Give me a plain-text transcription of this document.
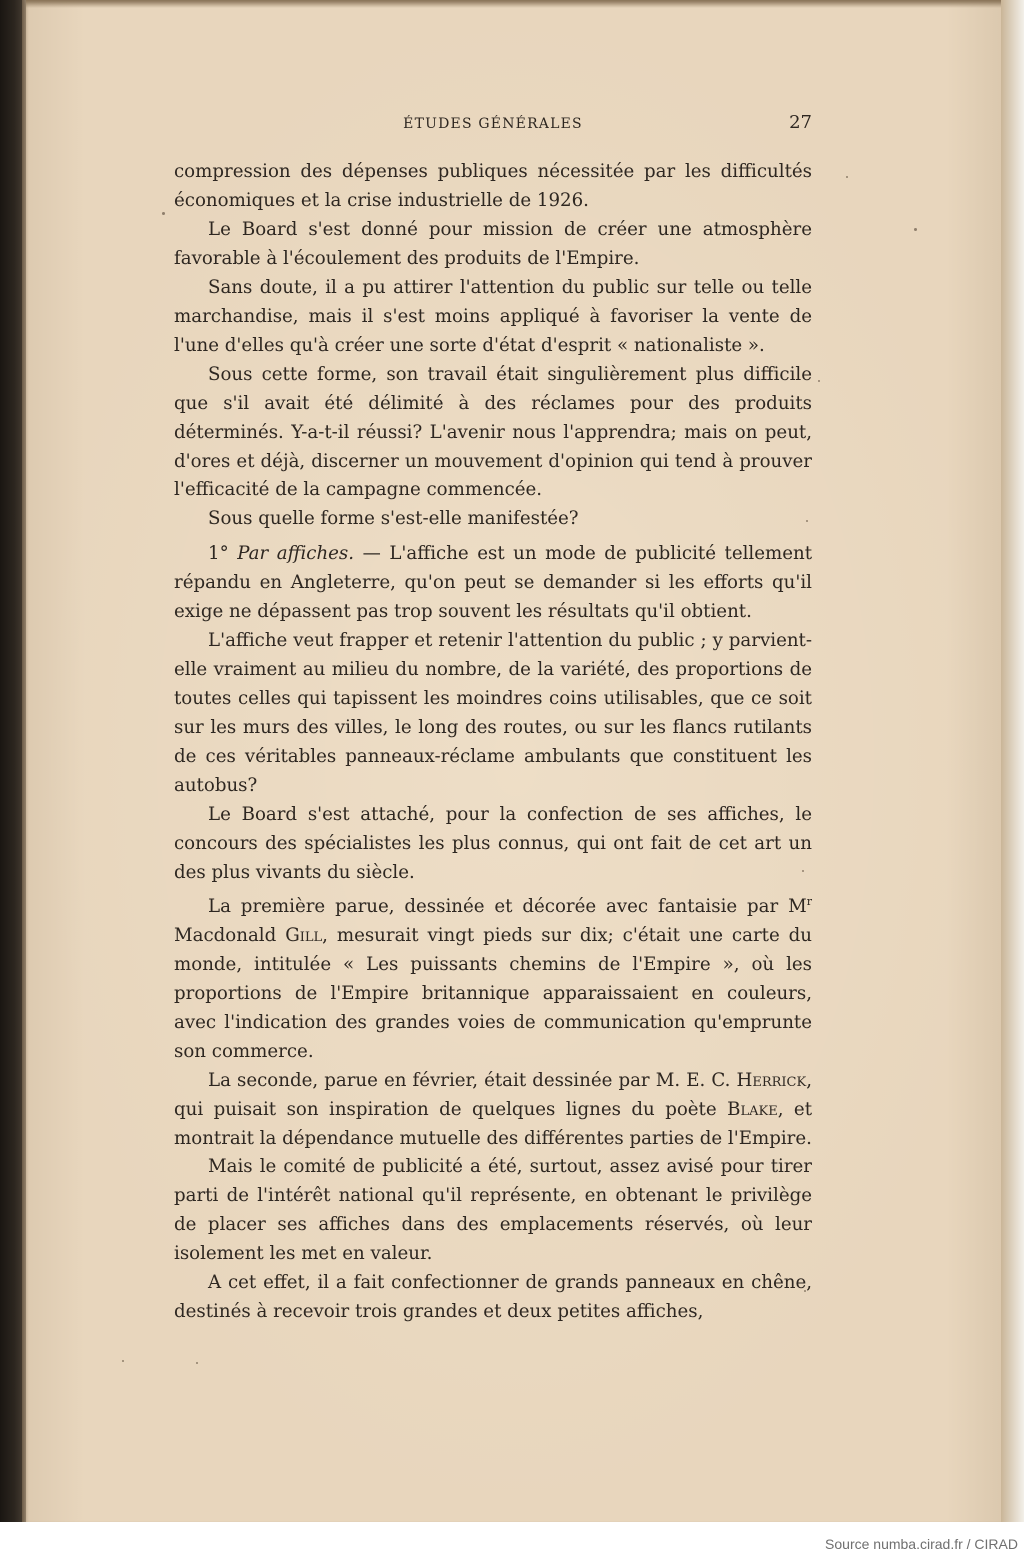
ÉTUDES GÉNÉRALES	27

compression des dépenses publiques nécessitée par les difficultés économiques et la crise industrielle de 1926.

Le Board s'est donné pour mission de créer une atmosphère favorable à l'écoulement des produits de l'Empire.

Sans doute, il a pu attirer l'attention du public sur telle ou telle marchandise, mais il s'est moins appliqué à favoriser la vente de l'une d'elles qu'à créer une sorte d'état d'esprit « nationaliste ».

Sous cette forme, son travail était singulièrement plus difficile que s'il avait été délimité à des réclames pour des produits déterminés. Y-a-t-il réussi? L'avenir nous l'apprendra; mais on peut, d'ores et déjà, discerner un mouvement d'opinion qui tend à prouver l'efficacité de la campagne commencée.

Sous quelle forme s'est-elle manifestée?

1° Par affiches. — L'affiche est un mode de publicité tellement répandu en Angleterre, qu'on peut se demander si les efforts qu'il exige ne dépassent pas trop souvent les résultats qu'il obtient.

L'affiche veut frapper et retenir l'attention du public ; y parvient-elle vraiment au milieu du nombre, de la variété, des proportions de toutes celles qui tapissent les moindres coins utilisables, que ce soit sur les murs des villes, le long des routes, ou sur les flancs rutilants de ces véritables panneaux-réclame ambulants que constituent les autobus?

Le Board s'est attaché, pour la confection de ses affiches, le concours des spécialistes les plus connus, qui ont fait de cet art un des plus vivants du siècle.

La première parue, dessinée et décorée avec fantaisie par $M^r$ Macdonald Gill, mesurait vingt pieds sur dix; c'était une carte du monde, intitulée « Les puissants chemins de l'Empire », où les proportions de l'Empire britannique apparaissaient en couleurs, avec l'indication des grandes voies de communication qu'emprunte son commerce.

La seconde, parue en février, était dessinée par M. E. C. Herrick, qui puisait son inspiration de quelques lignes du poète Blake, et montrait la dépendance mutuelle des différentes parties de l'Empire.

Mais le comité de publicité a été, surtout, assez avisé pour tirer parti de l'intérêt national qu'il représente, en obtenant le privilège de placer ses affiches dans des emplacements réservés, où leur isolement les met en valeur.

A cet effet, il a fait confectionner de grands panneaux en chêne, destinés à recevoir trois grandes et deux petites affiches,

Source numba.cirad.fr / CIRAD
